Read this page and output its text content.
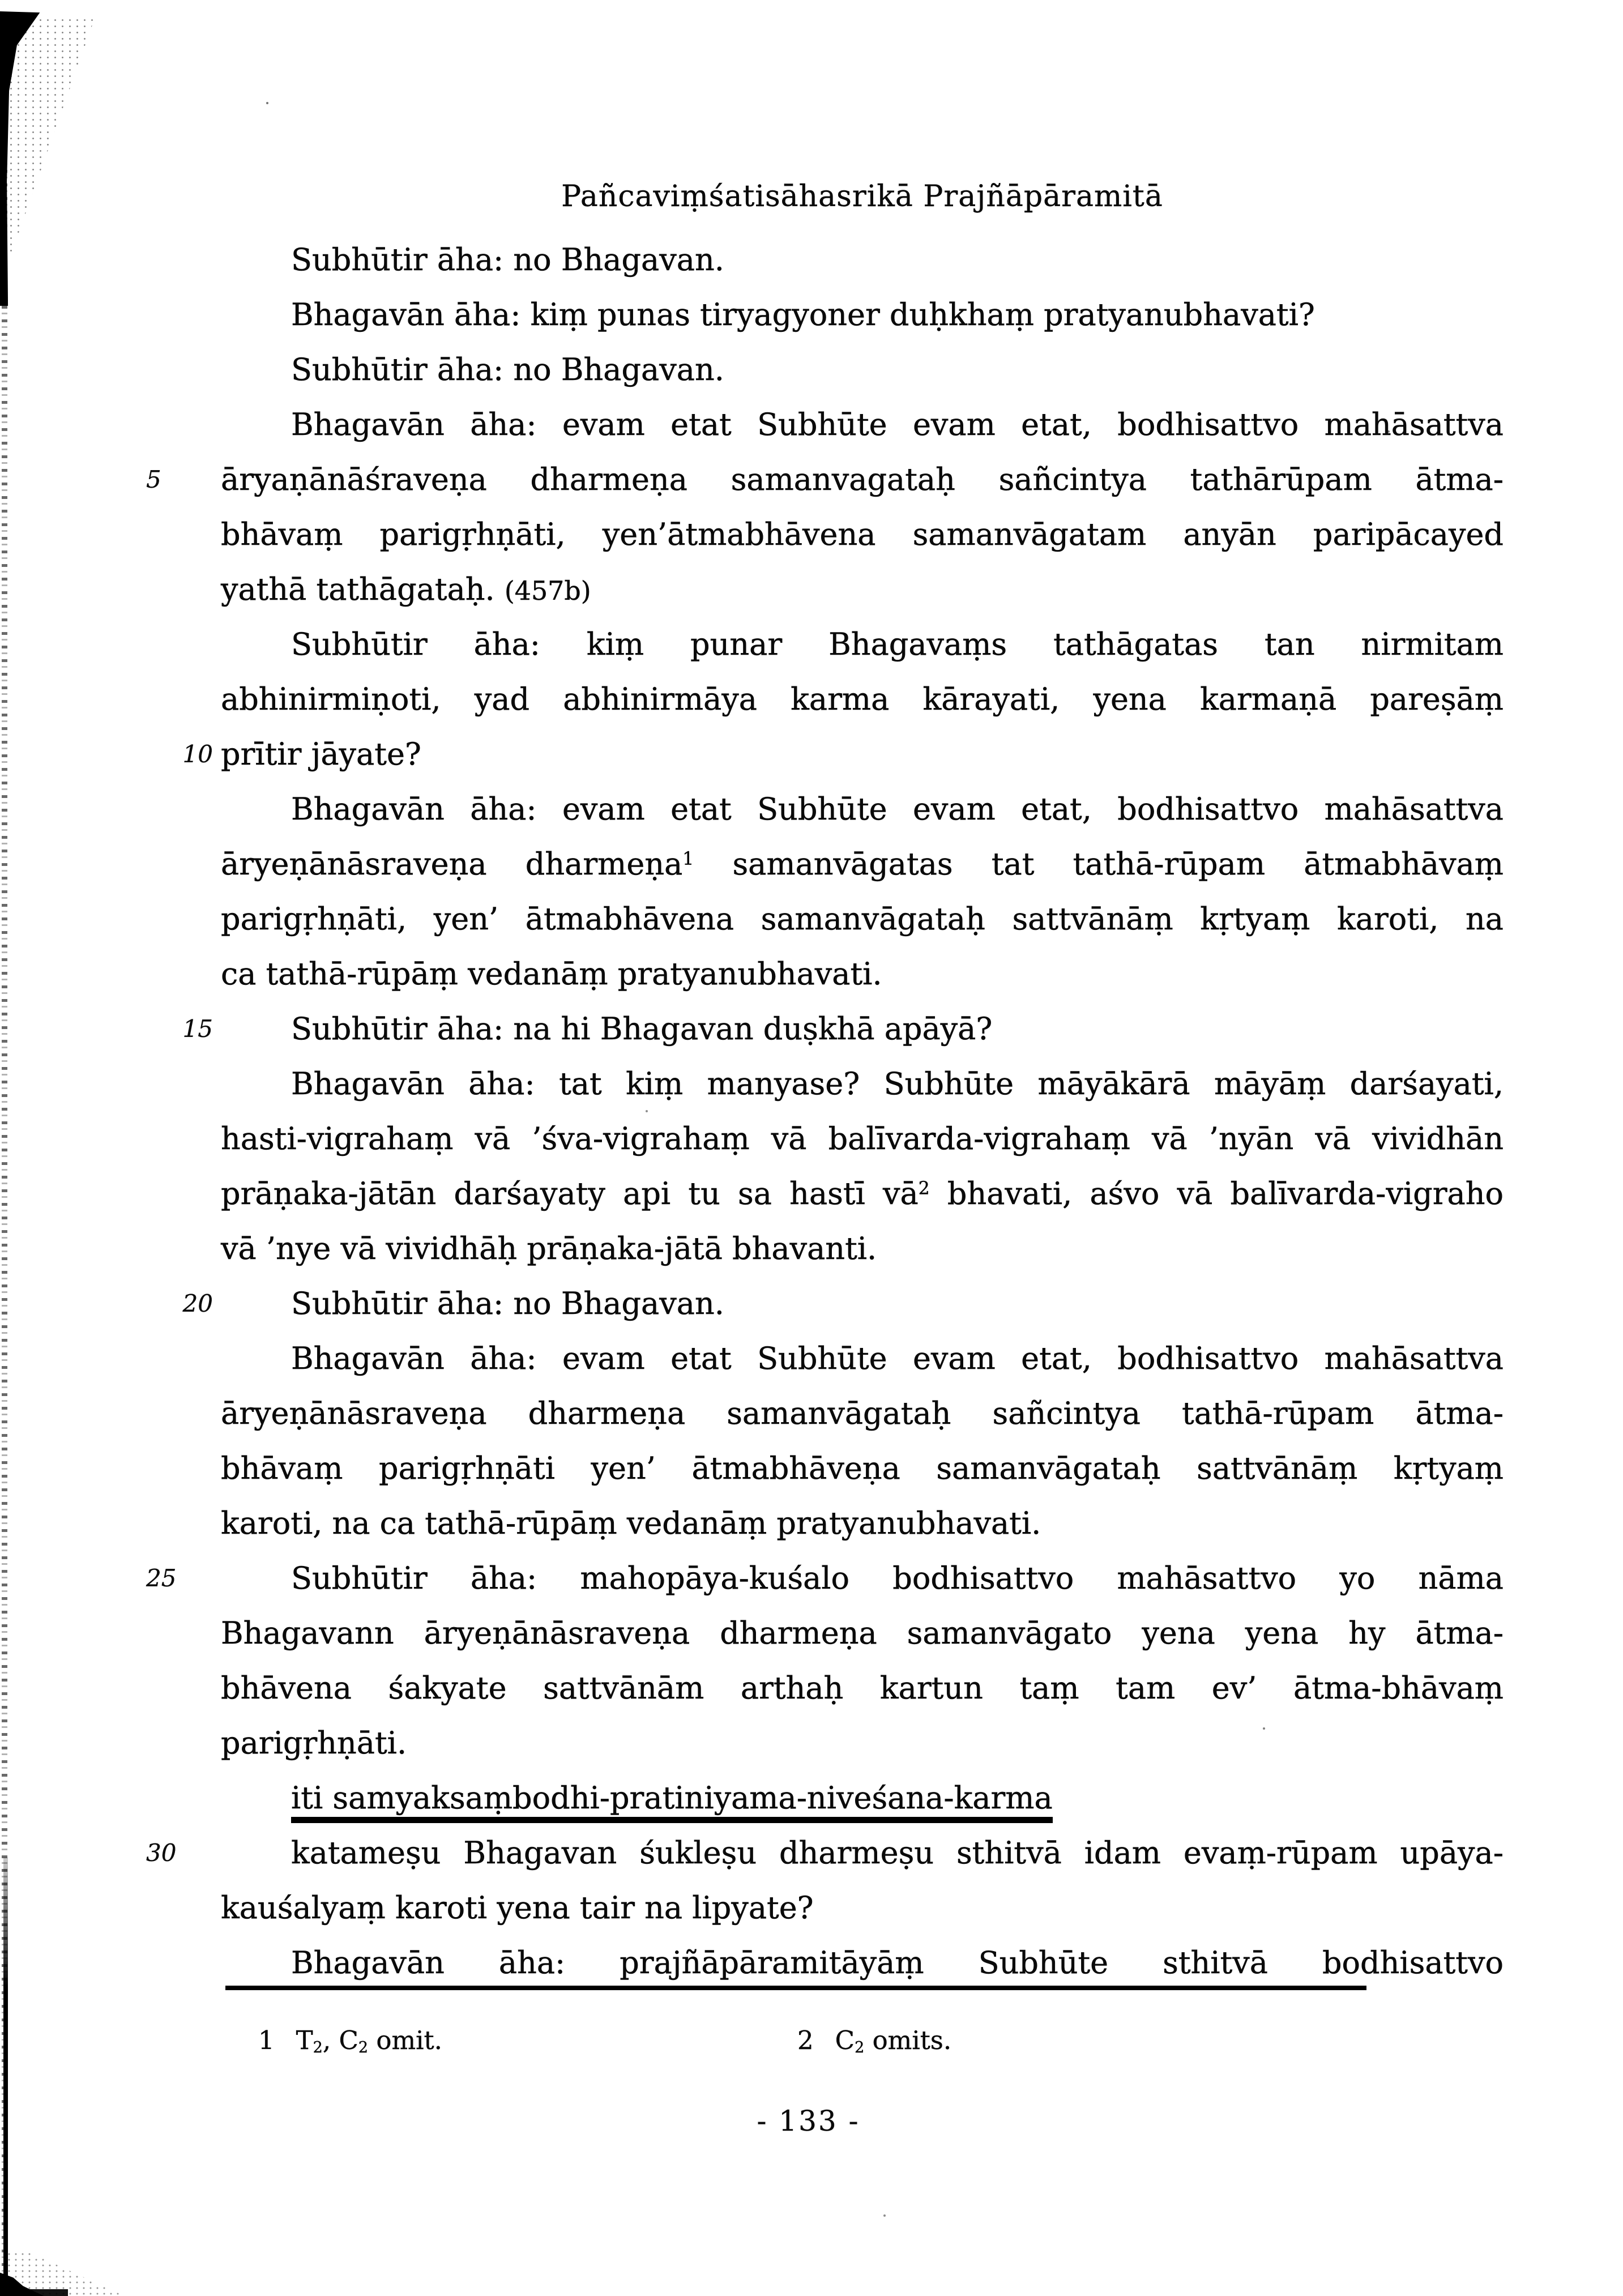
Pañcaviṃśatisāhasrikā Prajñāpāramitā
Subhūtir āha: no Bhagavan.
Bhagavān āha: kiṃ punas tiryagyoner duḥkhaṃ pratyanubhavati?
Subhūtir āha: no Bhagavan.
Bhagavān āha: evam etat Subhūte evam etat, bodhisattvo mahāsattva
5	āryaṇānāśraveṇa dharmeṇa samanvagataḥ sañcintya tathārūpam ātma-
bhāvaṃ parigṛhṇāti, yen’ātmabhāvena samanvāgatam anyān paripācayed
yathā tathāgataḥ. (457b)
Subhūtir āha: kiṃ punar Bhagavaṃs tathāgatas tan nirmitam
abhinirmiṇoti, yad abhinirmāya karma kārayati, yena karmaṇā pareṣāṃ
10 prītir jāyate?
Bhagavān āha: evam etat Subhūte evam etat, bodhisattvo mahāsattva
āryeṇānāsraveṇa dharmeṇa$^1$ samanvāgatas tat tathā-rūpam ātmabhāvaṃ
parigṛhṇāti, yen’ ātmabhāvena samanvāgataḥ sattvānāṃ kṛtyaṃ karoti, na
ca tathā-rūpāṃ vedanāṃ pratyanubhavati.
15	Subhūtir āha: na hi Bhagavan duṣkhā apāyā?
Bhagavān āha: tat kiṃ manyase? Subhūte māyākārā māyāṃ darśayati,
hasti-vigrahaṃ vā ’śva-vigrahaṃ vā balīvarda-vigrahaṃ vā ’nyān vā vividhān
prāṇaka-jātān darśayaty api tu sa hastī $vā^2$ bhavati, aśvo vā balīvarda-vigraho
vā ’nye vā vividhāḥ prāṇaka-jātā bhavanti.
20	Subhūtir āha: no Bhagavan.
Bhagavān āha: evam etat Subhūte evam etat, bodhisattvo mahāsattva
āryeṇānāsraveṇa dharmeṇa samanvāgataḥ sañcintya tathā-rūpam ātma-
bhāvaṃ parigṛhṇāti yen’ ātmabhāveṇa samanvāgataḥ sattvānāṃ kṛtyaṃ
karoti, na ca tathā-rūpāṃ vedanāṃ pratyanubhavati.
25	Subhūtir āha: mahopāya-kuśalo bodhisattvo mahāsattvo yo nāma
Bhagavann āryeṇānāsraveṇa dharmeṇa samanvāgato yena yena hy ātma-
bhāvena śakyate sattvānām arthaḥ kartun taṃ tam ev’ ātma-bhāvaṃ
parigṛhṇāti.
iti samyaksaṃbodhi-pratiniyama-niveśana-karma
30	katameṣu Bhagavan śukleṣu dharmeṣu sthitvā idam evaṃ-rūpam upāya-
kauśalyaṃ karoti yena tair na lipyate?
Bhagavān āha: prajñāpāramitāyāṃ Subhūte sthitvā bodhisattvo
1 $T_2$, $C_2$ omit.	2 $C_2$ omits.
- 133 -
